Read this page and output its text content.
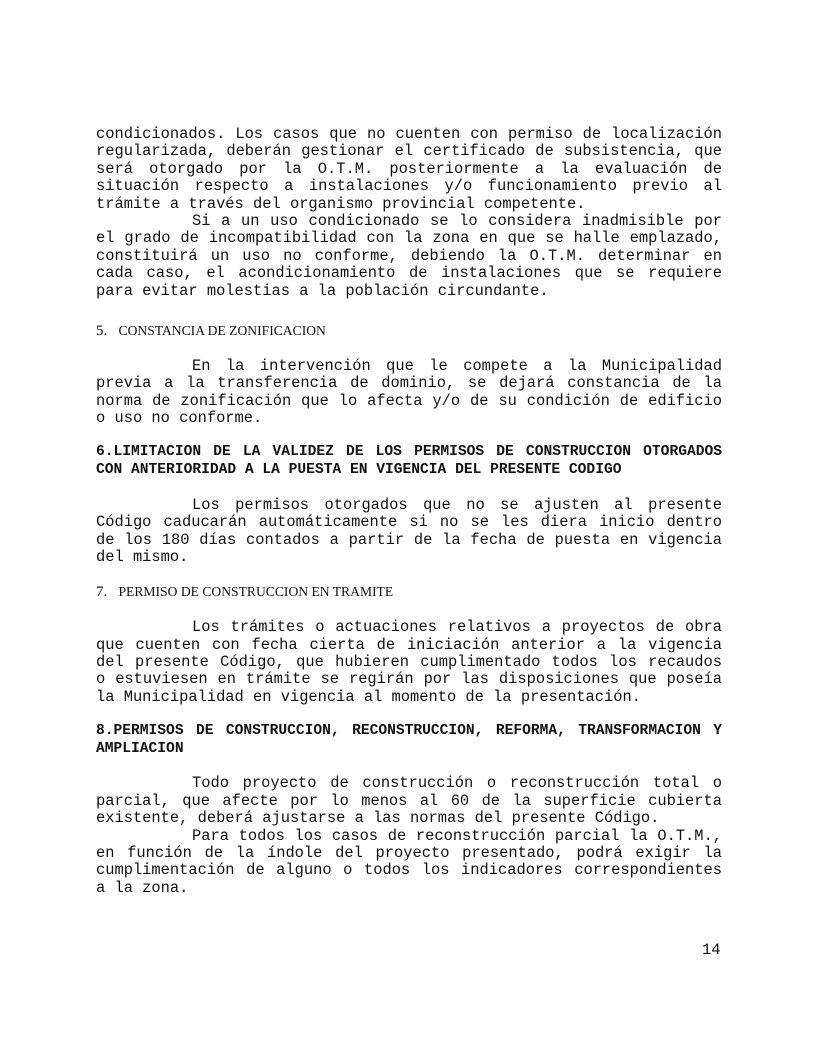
condicionados. Los casos que no cuenten con permiso de localización regularizada, deberán gestionar el certificado de subsistencia, que será otorgado por la O.T.M. posteriormente a la evaluación de situación respecto a instalaciones y/o funcionamiento previo al trámite a través del organismo provincial competente.

Si a un uso condicionado se lo considera inadmisible por el grado de incompatibilidad con la zona en que se halle emplazado, constituirá un uso no conforme, debiendo la O.T.M. determinar en cada caso, el acondicionamiento de instalaciones que se requiere para evitar molestias a la población circundante.

5. CONSTANCIA DE ZONIFICACION

En la intervención que le compete a la Municipalidad previa a la transferencia de dominio, se dejará constancia de la norma de zonificación que lo afecta y/o de su condición de edificio o uso no conforme.

6.LIMITACION DE LA VALIDEZ DE LOS PERMISOS DE CONSTRUCCION OTORGADOS CON ANTERIORIDAD A LA PUESTA EN VIGENCIA DEL PRESENTE CODIGO

Los permisos otorgados que no se ajusten al presente Código caducarán automáticamente si no se les diera inicio dentro de los 180 días contados a partir de la fecha de puesta en vigencia del mismo.

7. PERMISO DE CONSTRUCCION EN TRAMITE

Los trámites o actuaciones relativos a proyectos de obra que cuenten con fecha cierta de iniciación anterior a la vigencia del presente Código, que hubieren cumplimentado todos los recaudos o estuviesen en trámite se regirán por las disposiciones que poseía la Municipalidad en vigencia al momento de la presentación.

8.PERMISOS DE CONSTRUCCION, RECONSTRUCCION, REFORMA, TRANSFORMACION Y AMPLIACION

Todo proyecto de construcción o reconstrucción total o parcial, que afecte por lo menos al 60 de la superficie cubierta existente, deberá ajustarse a las normas del presente Código.

Para todos los casos de reconstrucción parcial la O.T.M., en función de la índole del proyecto presentado, podrá exigir la cumplimentación de alguno o todos los indicadores correspondientes a la zona.

14
